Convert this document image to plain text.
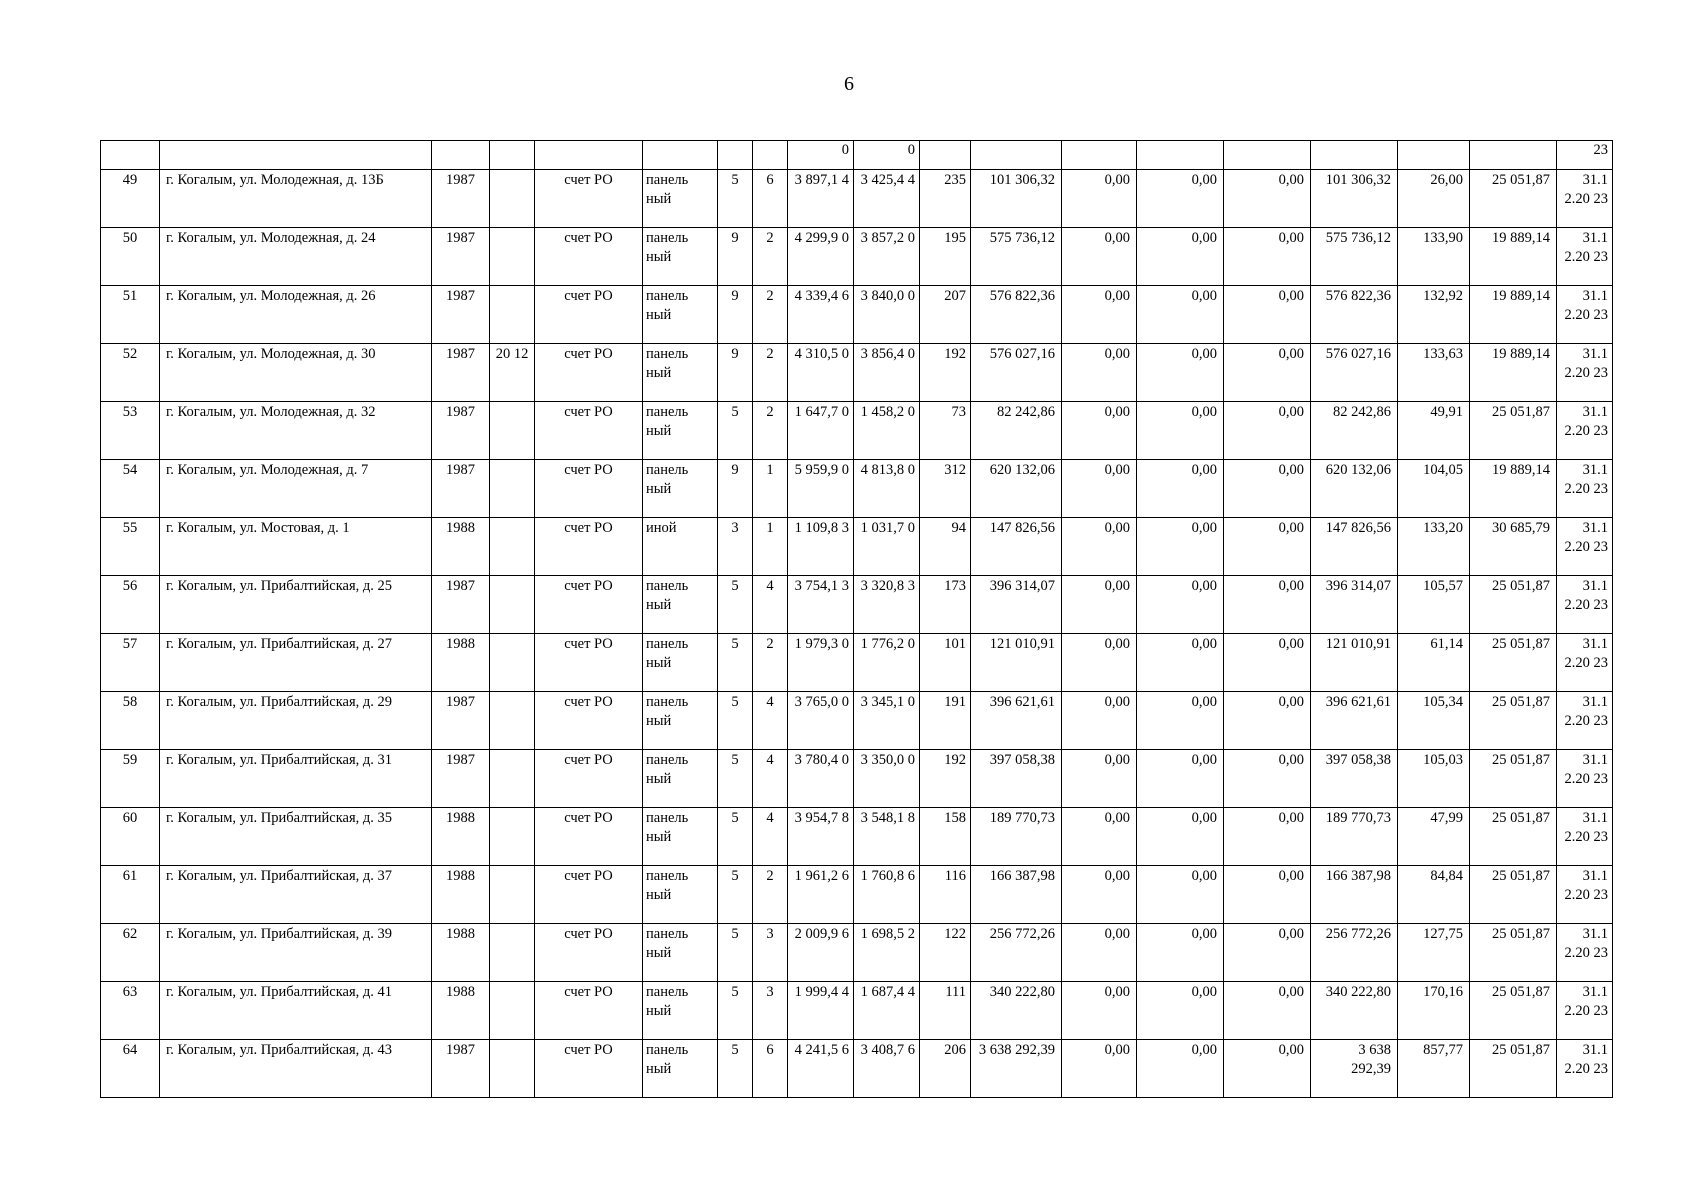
6
								0	0									23
49	г. Когалым, ул. Молодежная, д. 13Б	1987		счет РО	панель ный	5	6	3 897,1 4	3 425,4 4	235	101 306,32	0,00	0,00	0,00	101 306,32	26,00	25 051,87	31.1 2.20 23
50	г. Когалым, ул. Молодежная, д. 24	1987		счет РО	панель ный	9	2	4 299,9 0	3 857,2 0	195	575 736,12	0,00	0,00	0,00	575 736,12	133,90	19 889,14	31.1 2.20 23
51	г. Когалым, ул. Молодежная, д. 26	1987		счет РО	панель ный	9	2	4 339,4 6	3 840,0 0	207	576 822,36	0,00	0,00	0,00	576 822,36	132,92	19 889,14	31.1 2.20 23
52	г. Когалым, ул. Молодежная, д. 30	1987	20 12	счет РО	панель ный	9	2	4 310,5 0	3 856,4 0	192	576 027,16	0,00	0,00	0,00	576 027,16	133,63	19 889,14	31.1 2.20 23
53	г. Когалым, ул. Молодежная, д. 32	1987		счет РО	панель ный	5	2	1 647,7 0	1 458,2 0	73	82 242,86	0,00	0,00	0,00	82 242,86	49,91	25 051,87	31.1 2.20 23
54	г. Когалым, ул. Молодежная, д. 7	1987		счет РО	панель ный	9	1	5 959,9 0	4 813,8 0	312	620 132,06	0,00	0,00	0,00	620 132,06	104,05	19 889,14	31.1 2.20 23
55	г. Когалым, ул. Мостовая, д. 1	1988		счет РО	иной	3	1	1 109,8 3	1 031,7 0	94	147 826,56	0,00	0,00	0,00	147 826,56	133,20	30 685,79	31.1 2.20 23
56	г. Когалым, ул. Прибалтийская, д. 25	1987		счет РО	панель ный	5	4	3 754,1 3	3 320,8 3	173	396 314,07	0,00	0,00	0,00	396 314,07	105,57	25 051,87	31.1 2.20 23
57	г. Когалым, ул. Прибалтийская, д. 27	1988		счет РО	панель ный	5	2	1 979,3 0	1 776,2 0	101	121 010,91	0,00	0,00	0,00	121 010,91	61,14	25 051,87	31.1 2.20 23
58	г. Когалым, ул. Прибалтийская, д. 29	1987		счет РО	панель ный	5	4	3 765,0 0	3 345,1 0	191	396 621,61	0,00	0,00	0,00	396 621,61	105,34	25 051,87	31.1 2.20 23
59	г. Когалым, ул. Прибалтийская, д. 31	1987		счет РО	панель ный	5	4	3 780,4 0	3 350,0 0	192	397 058,38	0,00	0,00	0,00	397 058,38	105,03	25 051,87	31.1 2.20 23
60	г. Когалым, ул. Прибалтийская, д. 35	1988		счет РО	панель ный	5	4	3 954,7 8	3 548,1 8	158	189 770,73	0,00	0,00	0,00	189 770,73	47,99	25 051,87	31.1 2.20 23
61	г. Когалым, ул. Прибалтийская, д. 37	1988		счет РО	панель ный	5	2	1 961,2 6	1 760,8 6	116	166 387,98	0,00	0,00	0,00	166 387,98	84,84	25 051,87	31.1 2.20 23
62	г. Когалым, ул. Прибалтийская, д. 39	1988		счет РО	панель ный	5	3	2 009,9 6	1 698,5 2	122	256 772,26	0,00	0,00	0,00	256 772,26	127,75	25 051,87	31.1 2.20 23
63	г. Когалым, ул. Прибалтийская, д. 41	1988		счет РО	панель ный	5	3	1 999,4 4	1 687,4 4	111	340 222,80	0,00	0,00	0,00	340 222,80	170,16	25 051,87	31.1 2.20 23
64	г. Когалым, ул. Прибалтийская, д. 43	1987		счет РО	панель ный	5	6	4 241,5 6	3 408,7 6	206	3 638 292,39	0,00	0,00	0,00	3 638 292,39	857,77	25 051,87	31.1 2.20 23
